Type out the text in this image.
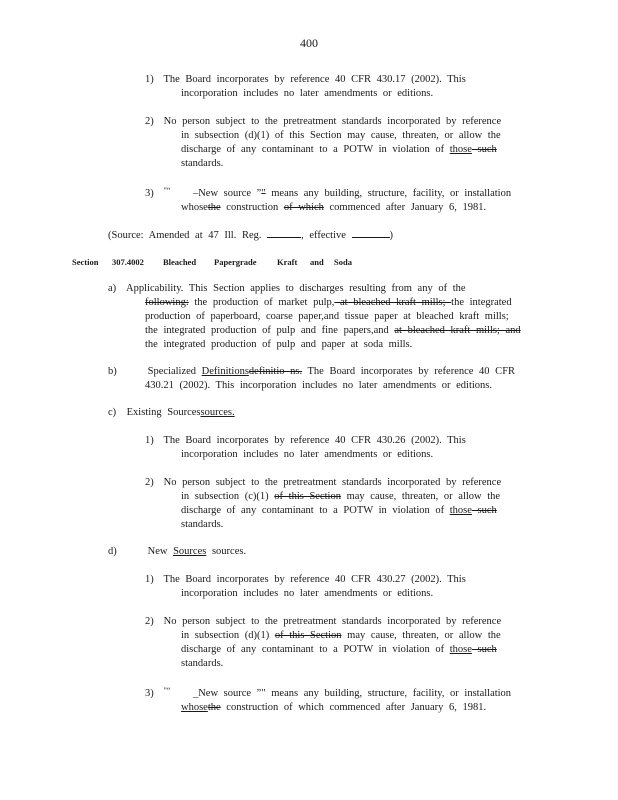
400
1) The Board incorporates by reference 40 CFR 430.17 (2002). This
incorporation includes no later amendments or editions.
2) No person subject to the pretreatment standards incorporated by reference
in subsection (d)(1) of this Section may cause, threaten, or allow the
discharge of any contaminant to a POTW in violation of those such
standards.
3) "“ –New source ”" means any building, structure, facility, or installation
whosethe construction of which commenced after January 6, 1981.
(Source: Amended at 47 Ill. Reg.	, effective	)
Section 307.4002 Bleached Papergrade Kraft and Soda
a) Applicability. This Section applies to discharges resulting from any of the
following: the production of market pulp, at bleached kraft mills; the integrated
production of paperboard, coarse paper,and tissue paper at bleached kraft mills;
the integrated production of pulp and fine papers,and at bleached kraft mills; and
the integrated production of pulp and paper at soda mills.
b)	Specialized Definitionsdefinitio ns. The Board incorporates by reference 40 CFR
430.21 (2002). This incorporation includes no later amendments or editions.
c) Existing Sourcessources.
1) The Board incorporates by reference 40 CFR 430.26 (2002). This
incorporation includes no later amendments or editions.
2) No person subject to the pretreatment standards incorporated by reference
in subsection (c)(1) of this Section may cause, threaten, or allow the
discharge of any contaminant to a POTW in violation of those such
standards.
d)	New Sources sources.
1) The Board incorporates by reference 40 CFR 430.27 (2002). This
incorporation includes no later amendments or editions.
2) No person subject to the pretreatment standards incorporated by reference
in subsection (d)(1) of this Section may cause, threaten, or allow the
discharge of any contaminant to a POTW in violation of those such
standards.
3) "“ _New source ”" means any building, structure, facility, or installation
whosethe construction of which commenced after January 6, 1981.
